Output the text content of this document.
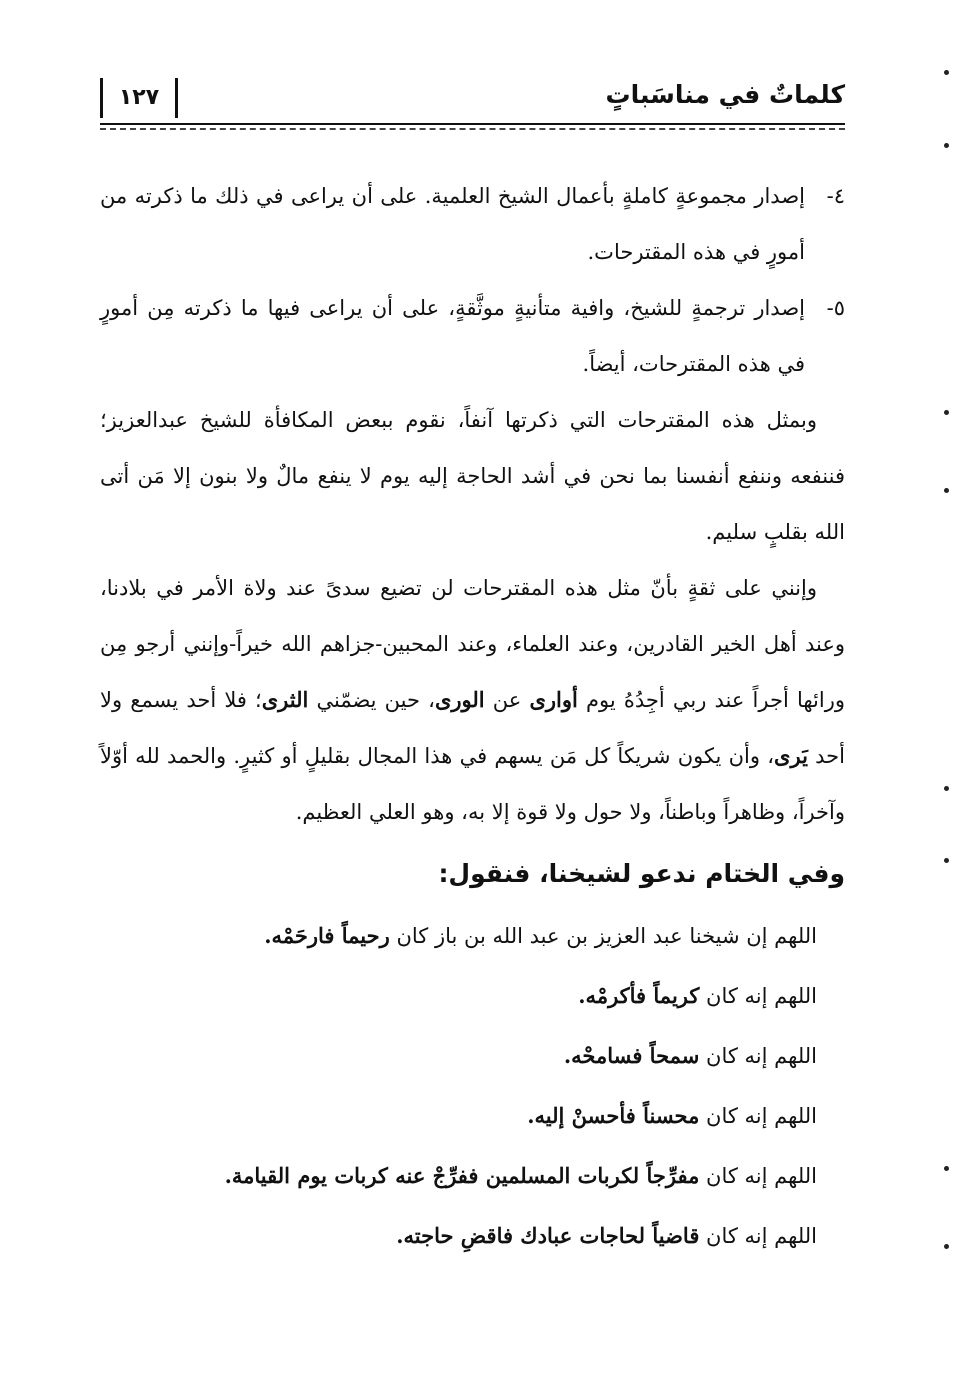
١٢٧	كلماتٌ في مناسَباتٍ
٤-
إصدار مجموعةٍ كاملةٍ بأعمال الشيخ العلمية. على أن يراعى في ذلك ما ذكرته من أمورٍ في هذه المقترحات.
٥-
إصدار ترجمةٍ للشيخ، وافية متأنيةٍ موثَّقةٍ، على أن يراعى فيها ما ذكرته مِن أمورٍ في هذه المقترحات، أيضاً.

وبمثل هذه المقترحات التي ذكرتها آنفاً، نقوم ببعض المكافأة للشيخ عبدالعزيز؛ فننفعه وننفع أنفسنا بما نحن في أشد الحاجة إليه يوم لا ينفع مالٌ ولا بنون إلا مَن أتى الله بقلبٍ سليم.

وإنني على ثقةٍ بأنّ مثل هذه المقترحات لن تضيع سدىً عند ولاة الأمر في بلادنا، وعند أهل الخير القادرين، وعند العلماء، وعند المحبين-جزاهم الله خيراً-وإنني أرجو مِن ورائها أجراً عند ربي أجِدُهُ يوم أوارى عن الورى، حين يضمّني الثرى؛ فلا أحد يسمع ولا أحد يَرى، وأن يكون شريكاً كل مَن يسهم في هذا المجال بقليلٍ أو كثيرٍ. والحمد لله أوّلاً وآخراً، وظاهراً وباطناً، ولا حول ولا قوة إلا به، وهو العلي العظيم.

وفي الختام ندعو لشيخنا، فنقول:
اللهم إن شيخنا عبد العزيز بن عبد الله بن باز كان رحيماً فارحَمْه.
اللهم إنه كان كريماً فأكرمْه.
اللهم إنه كان سمحاً فسامحْه.
اللهم إنه كان محسناً فأحسنْ إليه.
اللهم إنه كان مفرِّجاً لكربات المسلمين ففرِّجْ عنه كربات يوم القيامة.
اللهم إنه كان قاضياً لحاجات عبادك فاقضِ حاجته.
